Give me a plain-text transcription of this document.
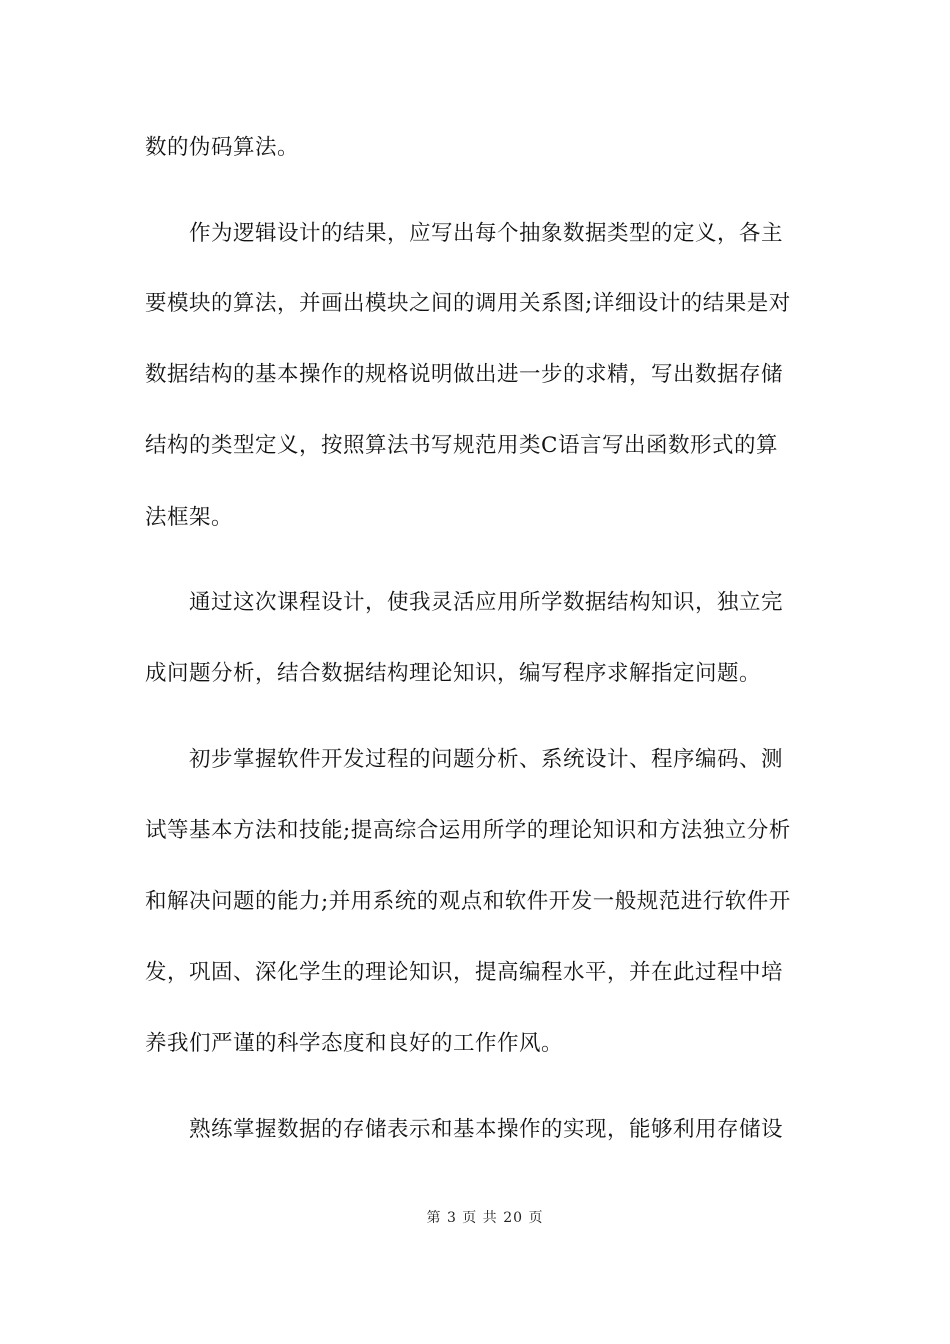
数的伪码算法。
作为逻辑设计的结果，应写出每个抽象数据类型的定义，各主
要模块的算法，并画出模块之间的调用关系图;详细设计的结果是对
数据结构的基本操作的规格说明做出进一步的求精，写出数据存储
结构的类型定义，按照算法书写规范用类C语言写出函数形式的算
法框架。
通过这次课程设计，使我灵活应用所学数据结构知识，独立完
成问题分析，结合数据结构理论知识，编写程序求解指定问题。
初步掌握软件开发过程的问题分析、系统设计、程序编码、测
试等基本方法和技能;提高综合运用所学的理论知识和方法独立分析
和解决问题的能力;并用系统的观点和软件开发一般规范进行软件开
发，巩固、深化学生的理论知识，提高编程水平，并在此过程中培
养我们严谨的科学态度和良好的工作作风。
熟练掌握数据的存储表示和基本操作的实现，能够利用存储设
第 3 页 共 20 页
